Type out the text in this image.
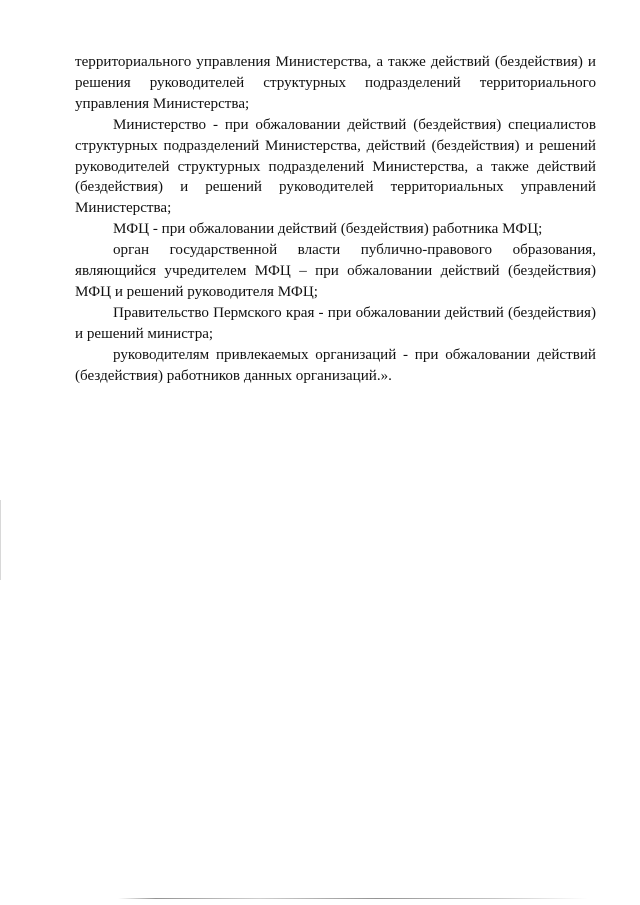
территориального управления Министерства, а также действий (бездействия) и решения руководителей структурных подразделений территориального управления Министерства;

Министерство - при обжаловании действий (бездействия) специалистов структурных подразделений Министерства, действий (бездействия) и решений руководителей структурных подразделений Министерства, а также действий (бездействия) и решений руководителей территориальных управлений Министерства;

МФЦ - при обжаловании действий (бездействия) работника МФЦ;

орган государственной власти публично-правового образования, являющийся учредителем МФЦ – при обжаловании действий (бездействия) МФЦ и решений руководителя МФЦ;

Правительство Пермского края - при обжаловании действий (бездействия) и решений министра;

руководителям привлекаемых организаций - при обжаловании действий (бездействия) работников данных организаций.».
